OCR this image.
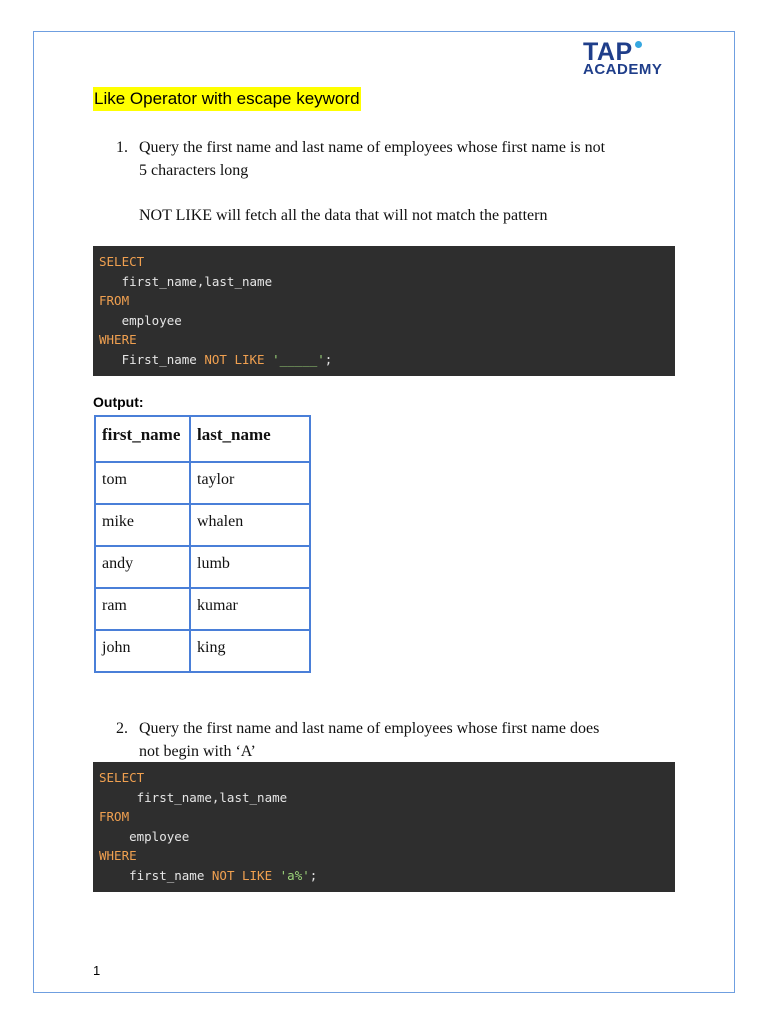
TAP
ACADEMY
Like Operator with escape keyword
1. Query the first name and last name of employees whose first name is not
5 characters long
NOT LIKE will fetch all the data that will not match the pattern
SELECT
first_name,last_name
FROM
employee
WHERE
First_name NOT LIKE '_____';
Output:
first_name	last_name
tom	taylor
mike	whalen
andy	lumb
ram	kumar
john	king
2. Query the first name and last name of employees whose first name does
not begin with ‘A’
SELECT
first_name,last_name
FROM
employee
WHERE
first_name NOT LIKE 'a%';
1
